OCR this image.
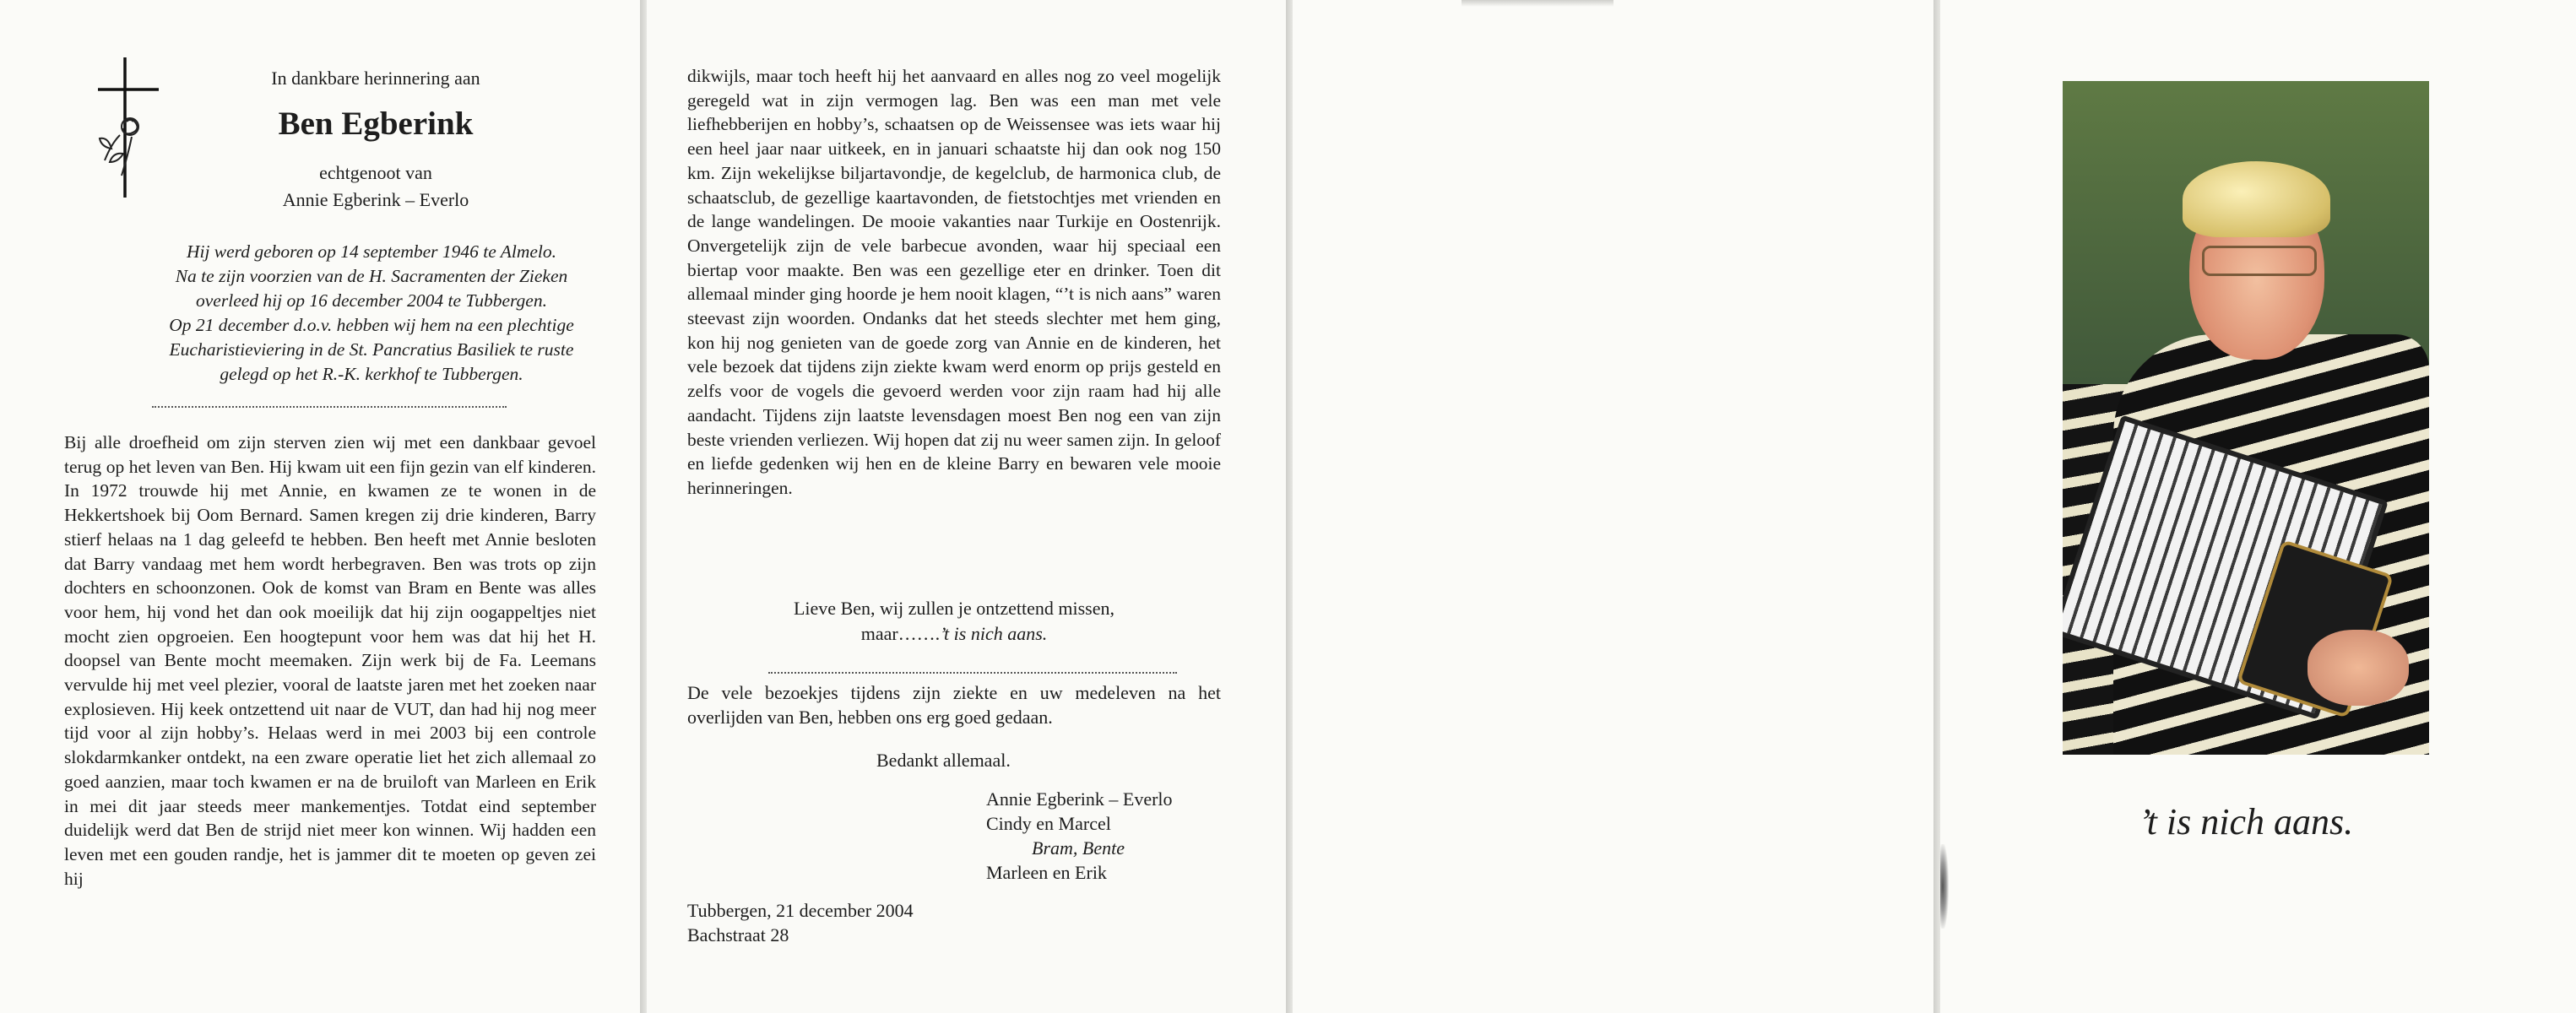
In dankbare herinnering aan
Ben Egberink
echtgenoot van
Annie Egberink – Everlo
Hij werd geboren op 14 september 1946 te Almelo.
Na te zijn voorzien van de H. Sacramenten der Zieken
overleed hij op 16 december 2004 te Tubbergen.
Op 21 december d.o.v. hebben wij hem na een plechtige
Eucharistieviering in de St. Pancratius Basiliek te ruste
gelegd op het R.-K. kerkhof te Tubbergen.
Bij alle droefheid om zijn sterven zien wij met een dankbaar gevoel terug op het leven van Ben. Hij kwam uit een fijn gezin van elf kinderen. In 1972 trouwde hij met Annie, en kwamen ze te wonen in de Hekkertshoek bij Oom Bernard. Samen kregen zij drie kinderen, Barry stierf helaas na 1 dag geleefd te hebben. Ben heeft met Annie besloten dat Barry vandaag met hem wordt herbegraven. Ben was trots op zijn dochters en schoonzonen. Ook de komst van Bram en Bente was alles voor hem, hij vond het dan ook moeilijk dat hij zijn oogappeltjes niet mocht zien opgroeien. Een hoogtepunt voor hem was dat hij het H. doopsel van Bente mocht meemaken. Zijn werk bij de Fa. Leemans vervulde hij met veel plezier, vooral de laatste jaren met het zoeken naar explosieven. Hij keek ontzettend uit naar de VUT, dan had hij nog meer tijd voor al zijn hobby’s. Helaas werd in mei 2003 bij een controle slokdarmkanker ontdekt, na een zware operatie liet het zich allemaal zo goed aanzien, maar toch kwamen er na de bruiloft van Marleen en Erik in mei dit jaar steeds meer mankementjes. Totdat eind september duidelijk werd dat Ben de strijd niet meer kon winnen. Wij hadden een leven met een gouden randje, het is jammer dit te moeten op geven zei hij
dikwijls, maar toch heeft hij het aanvaard en alles nog zo veel mogelijk geregeld wat in zijn vermogen lag. Ben was een man met vele liefhebberijen en hobby’s, schaatsen op de Weissensee was iets waar hij een heel jaar naar uitkeek, en in januari schaatste hij dan ook nog 150 km. Zijn wekelijkse biljartavondje, de kegelclub, de harmonica club, de schaatsclub, de gezellige kaartavonden, de fietstochtjes met vrienden en de lange wandelingen. De mooie vakanties naar Turkije en Oostenrijk. Onvergetelijk zijn de vele barbecue avonden, waar hij speciaal een biertap voor maakte. Ben was een gezellige eter en drinker. Toen dit allemaal minder ging hoorde je hem nooit klagen, “’t is nich aans” waren steevast zijn woorden. Ondanks dat het steeds slechter met hem ging, kon hij nog genieten van de goede zorg van Annie en de kinderen, het vele bezoek dat tijdens zijn ziekte kwam werd enorm op prijs gesteld en zelfs voor de vogels die gevoerd werden voor zijn raam had hij alle aandacht. Tijdens zijn laatste levensdagen moest Ben nog een van zijn beste vrienden verliezen. Wij hopen dat zij nu weer samen zijn. In geloof en liefde gedenken wij hen en de kleine Barry en bewaren vele mooie herinneringen.
Lieve Ben, wij zullen je ontzettend missen,
maar…….’t is nich aans.
De vele bezoekjes tijdens zijn ziekte en uw medeleven na het overlijden van Ben, hebben ons erg goed gedaan.
Bedankt allemaal.
Annie Egberink – Everlo
Cindy en Marcel
Bram, Bente
Marleen en Erik
Tubbergen, 21 december 2004
Bachstraat 28
’t is nich aans.
